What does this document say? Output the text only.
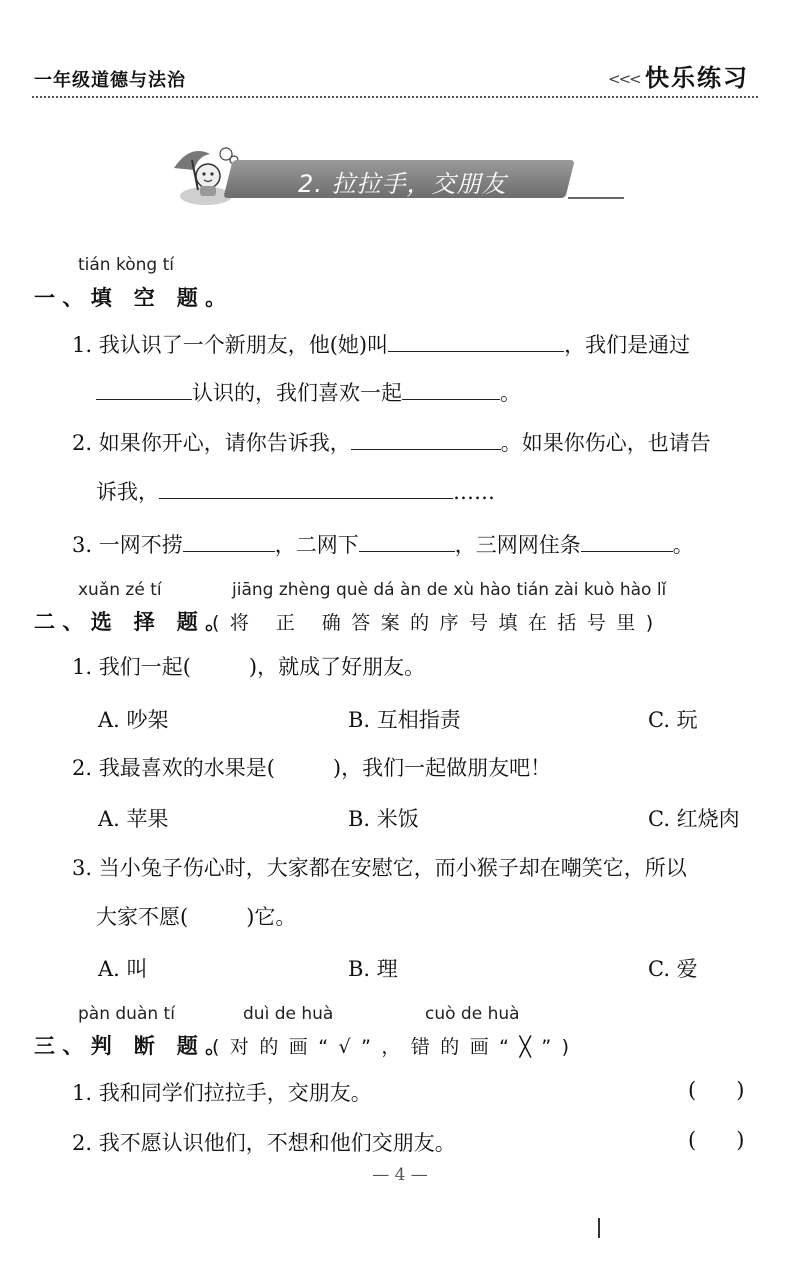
一年级道德与法治	<<< 快乐练习
2. 拉拉手，交朋友
tián kòng tí
一、填 空 题。
1. 我认识了一个新朋友，他(她)叫	，我们是通过
认识的，我们喜欢一起	。
2. 如果你开心，请你告诉我，	。如果你伤心，也请告
诉我，	……
3. 一网不捞	，二网下	，三网网住条	。
xuǎn zé tí	jiāng zhèng què dá àn de xù hào tián zài kuò hào lǐ
二、选 择 题。
(将 正 确答案的序号填在括号里)
1. 我们一起(	)，就成了好朋友。
A. 吵架	B. 互相指责	C. 玩
2. 我最喜欢的水果是(	)，我们一起做朋友吧！
A. 苹果	B. 米饭	C. 红烧肉
3. 当小兔子伤心时，大家都在安慰它，而小猴子却在嘲笑它，所以
大家不愿(	)它。
A. 叫	B. 理	C. 爱
pàn duàn tí	duì de huà	cuò de huà
三、判 断 题。
(对的画“√”，错的画“╳”)
1. 我和同学们拉拉手，交朋友。	(      )
2. 我不愿认识他们，不想和他们交朋友。	(      )
— 4 —
